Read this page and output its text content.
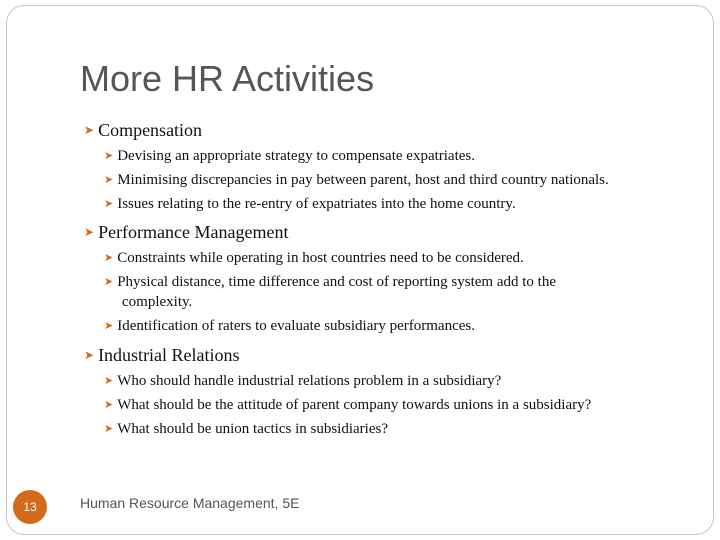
More HR Activities
➤ Compensation
➤ Devising an appropriate strategy to compensate expatriates.
➤ Minimising discrepancies in pay between parent, host and third country nationals.
➤ Issues relating to the re-entry of expatriates into the home country.
➤ Performance Management
➤ Constraints while operating in host countries need to be considered.
➤ Physical distance, time difference and cost of reporting system add to the
complexity.
➤ Identification of raters to evaluate subsidiary performances.
➤ Industrial Relations
➤ Who should handle industrial relations problem in a subsidiary?
➤ What should be the attitude of parent company towards unions in a subsidiary?
➤ What should be union tactics in subsidiaries?
13	Human Resource Management, 5E
